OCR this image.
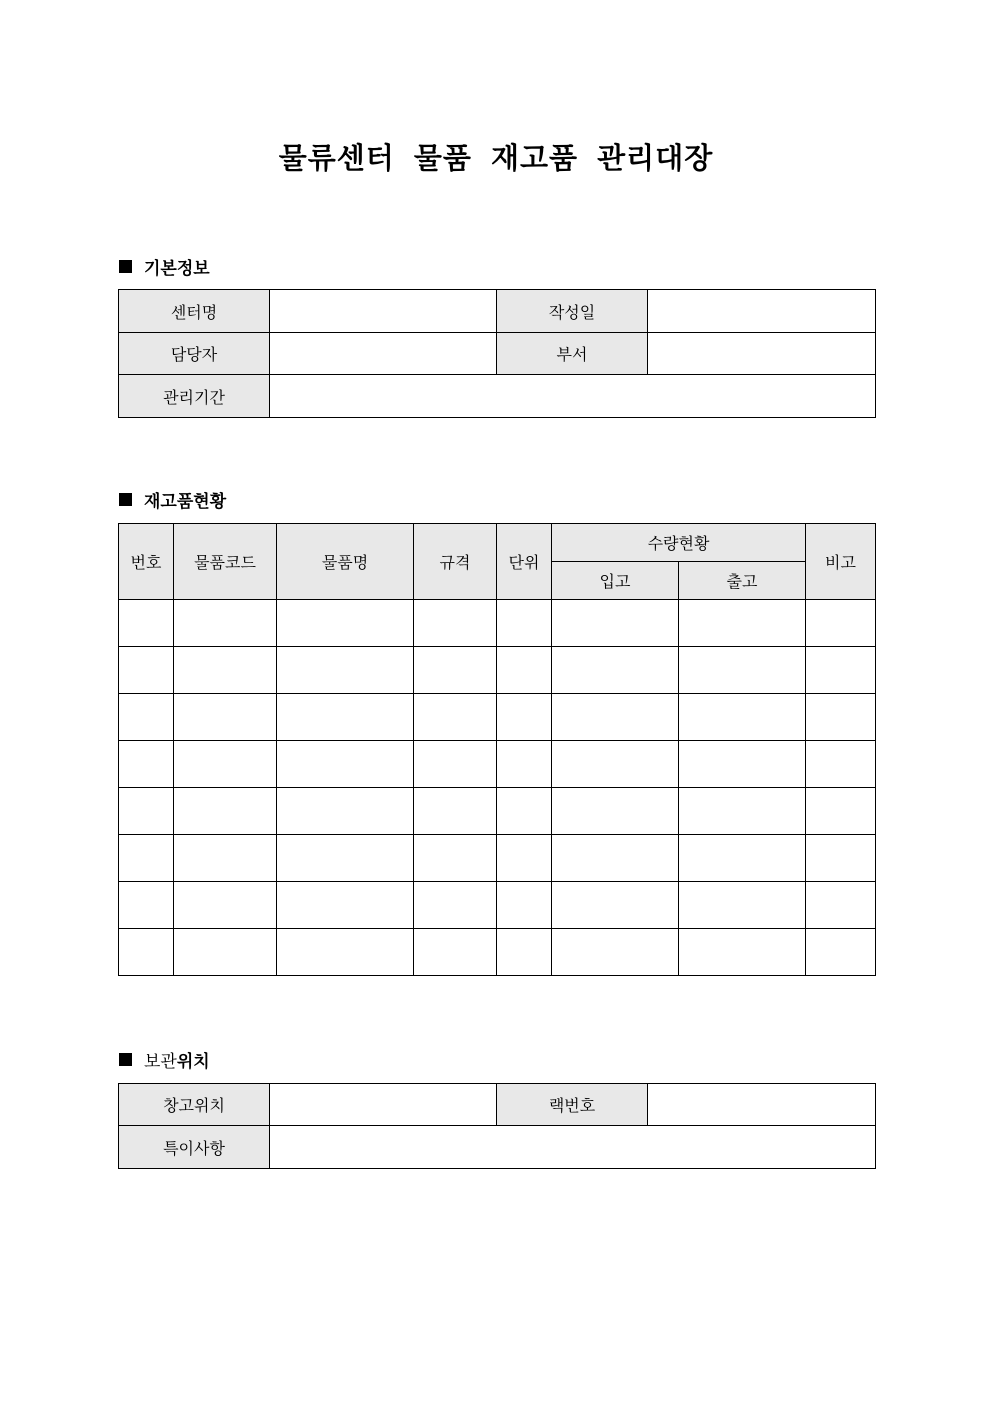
물류센터 물품 재고품 관리대장
기본정보
센터명		작성일	
담당자		부서	
관리기간			
재고품현황
번호	물품코드	물품명	규격	단위	수량현황		비고
					입고	출고	

보관 위치
창고위치		랙번호	
특이사항			
